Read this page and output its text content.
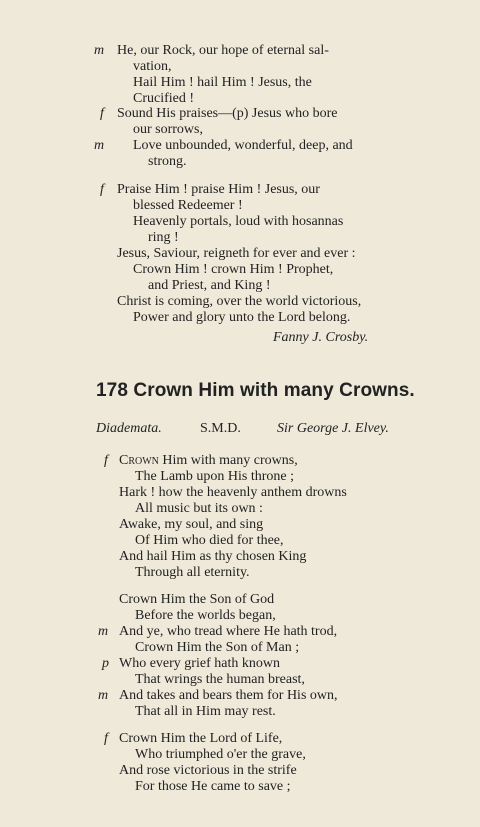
m He, our Rock, our hope of eternal sal-
vation,
Hail Him ! hail Him ! Jesus, the
Crucified !
f Sound His praises—(p) Jesus who bore
our sorrows,
m Love unbounded, wonderful, deep, and
strong.
f Praise Him ! praise Him ! Jesus, our
blessed Redeemer !
Heavenly portals, loud with hosannas
ring !
Jesus, Saviour, reigneth for ever and ever :
Crown Him ! crown Him ! Prophet,
and Priest, and King !
Christ is coming, over the world victorious,
Power and glory unto the Lord belong.
Fanny J. Crosby.
178 Crown Him with many Crowns.
Diademata.	S.M.D.	Sir George J. Elvey.
f Crown Him with many crowns,
The Lamb upon His throne ;
Hark ! how the heavenly anthem drowns
All music but its own :
Awake, my soul, and sing
Of Him who died for thee,
And hail Him as thy chosen King
Through all eternity.
Crown Him the Son of God
Before the worlds began,
m And ye, who tread where He hath trod,
Crown Him the Son of Man ;
p Who every grief hath known
That wrings the human breast,
m And takes and bears them for His own,
That all in Him may rest.
f Crown Him the Lord of Life,
Who triumphed o'er the grave,
And rose victorious in the strife
For those He came to save ;
